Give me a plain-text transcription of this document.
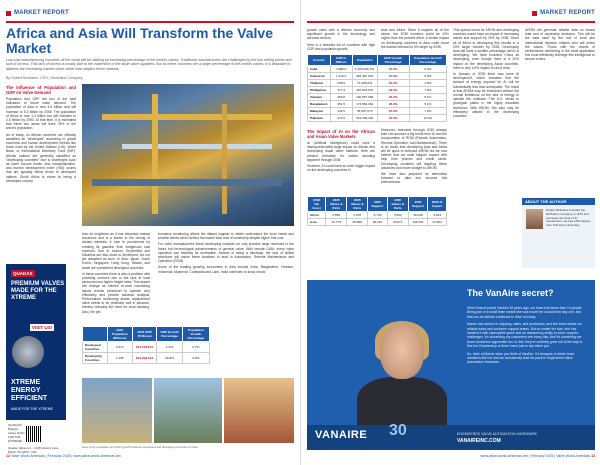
MARKET REPORT
Africa and Asia Will Transform the Valve Market
Low-cost manufacturing countries all the world will be utilizing an increasing percentage of the world's valves. Traditional manufacturers are challenged by the low selling prices and lack of access. This lack of access is mostly due to the inattention of the large valve suppliers. But as these countries are a larger percentage of the world's valves, it is desirable to address the increasing market share rather than neglect these markets.
By Robert McIlvaine, CEO • McIlvaine Company
The Influence of Population and GDP on Valve Demand

Population and GDP are two of the best indicators of future valve demand. The population of Asia is now 4.6 billion and will increase to 5.3 billion by 2050. The population of Africa is now 1.3 billion but will increase to 2.5 billion by 2050. At that time, it is estimated that these two areas will have 78% of the world's population.

As of today, no African countries are officially classified as "developed" according to global economic and human development metrics like those used by the United Nations (UN), World Bank, or International Monetary Fund (IMF). African nations are generally classified as "developing countries" due to challenges such as lower income levels, less industrialization, and human development index (HDI) scores that are typically below those of developed nations. South Africa is closer to being a developed country.

than its neighbors as it has abundant natural resources and is a leader in the mining of certain minerals. It rose to prominence by creating its gasoline from indigenous coal reserves. Due to tourism, Seychelles and Mauritius are also close to developed, but not yet classified as such. In Asia: Japan, South Korea, Singapore, Hong Kong, Taiwan, and Israel are considered developed countries.

In these countries there is also a problem with providing services due to the lack of local personnel and higher freight rates. This aspect will change as electric re-mote monitoring allows remote personnel to operate very effectively and provide advance analysis. Performance monitoring allows replacement valve needs to be predicted well in advance, thereby reducing the need for local stocking. Also, the per-

formance monitoring allows the distant supplier to better understand the local needs and provide valves which deliver the lowest total cost of ownership despite higher first cost.

For valve manufacturers these developing markets not only promise large revenues in the future but technological advancements of general value. With remote O&M, every valve operation can instantly be accessible. Instead of being a handicap, the lack of skilled workforce will cause these locations to lead in Automation, Remote Maintenance and Operation (ROM).

Some of the leading growing economies in Asia include India, Bangladesh, Vietnam, Indonesia, Myanmar, Cambodia and Laos. India continues to show robust

	2024 Population (Billions)	2024 GDP (Trillions)	GDP Growth Percentage	Population Growth Percentage
Developed Countries	0.374	$31.218,615	1.0%	0.7%
Developing Countries	4.158	$27,329,519	26.8%	6.8%
Here is the population and GDP growth between developed and developing countries for Asia
QUADAX
PREMIUM VALVES MADE FOR THE XTREME
VISIT US!
XTREME ENERGY EFFICIENT
MADE FOR THE XTREME
QUADAX® Butterfly valves SCAN FOR THE EXTREME!
Quadax Valves Inc. • 1128 Industry Lane, Bristol, PA 19007, USA
12 Valve World Americas | February 2025 | www.valve-world-americas.net
MARKET REPORT

growth rates with a diverse economy and significant growth in the technology and services sectors.

Here is a selected list of countries with high GDP and population growth.

Country	GDP in Billions	Population	GDP Growth Percentage	Population Growth Percentage
India	3,888.0	1,450,935,791	25.3%	5.3%
Indonesia	1,419.0	283,487,931	25.9%	5.9%
Thailand	548.9	71,668,011	25.3%	1.5%
Philippines	477.9	115,843,670	28.0%	7.0%
Vietnam	463.8	100,987,686	26.2%	5.1%
Bangladesh	451.5	173,562,364	28.9%	5.1%
Malaysia	445.5	35,557,673	25.0%	7.0%
Pakistan	374.6	251,269,164	29.0%	11.0%

Asia and Africa. Since it impacts all of the above, the 2035 numbers could be 20% higher than the present effort. A similar impact on developing countries in Asia could boost the market demand to 5% larger by 2035.

The Impact of AI on the African and Asian Valve Markets

AI (Artificial Intelligence) could have a disproportionately large impact on African and developing Asian valve markets. Here are present forecasts for valves including apparent through 2035.

However, AI could have an even bigger impact on the developing countries in

(USD mil-lions)	2025 Valves & Parts	2035 Valves & Parts	2025 Support	2035 Valves & Parts	2035 Support	2035 AI Impact
Africa	2,559	1,878	8,733	3,594	16,048	4,633
Asia	42,774	25,866	96,215	43,871	168,291	43,561

Moreover, forecasts through 2035 already take into account a big boost from AI and the incorporation of ROM (Remote Automation, Remote Operation, and Maintenance). There is no doubt that developing Asia and Africa will be quick to embrace AROM but we now believe that we shall happen sooner with help from phones and credit cards. Developing countries will leapfrog these advances and move straight to AROM.

We have also prepared an alternative forecast to take into account this phenomenon.

This special boost for AROM and developing countries would have an impact of increasing valves and support by 20% by 2035. Since all of Africa is developing this results in a 20% larger number by 2035. Developing Asia will have a smaller percentage which is developing. We have included China as developing, even though there is a 20% impact on the developing Asian countries, there is only a 5% impact on all of Asia.

In January of 2025 there was more AI development, which indicates that the amount of energy required for AI will be substantially less than anticipated. The result is that AROM may be embraced without the normal limitations on the lack of energy to operate the software. The U.S. seeks to grow/gain plants in the highly educated workforce. With AROM, this also may be effectively utilized in the developing countries.

AROM will generate reliable data on lowest total cost of ownership decisions. This will be the data used by the mix of local and international decision makers who will select the valves. Those with the results of performance monitoring in the most application mix most effectively leverage this intelligence to secure orders.

ABOUT THE AUTHOR
Robert McIlvaine founded the McIlvaine Company in 1974 and oversees the work of 37 researchers. He has a BA degree from Princeton University.
The VanAire secret?

When Marcie joined VanAire 28 years ago, our team had fewer than 10 people. Being part of a small team meant she was made her crucial from day one, and that can-do attitude continues to drive us today.

Marcie has worked in shipping, sales, and production, and she knew builds our reliable sales and customer support teams. But no matter the size, she has handled it with impeccable grace and an unwavering ability to solve complex challenges. It's something our customers see every day. And it's something we know customers appreciate too. In fact, they've routinely gone out of the way to find her if leadership or three hours just to say thank you.

So, think of Marcie when you think of VanAire. It's because of driven team members like her that we consistently lead the pack in Engineered Valve Automation Hardware.

VANAIRE 30	ENGINEERED VALVE AUTOMATION HARDWARE
VANAIREINC.COM
www.valve-world-americas.net | February 2025 | Valve World Americas 13
